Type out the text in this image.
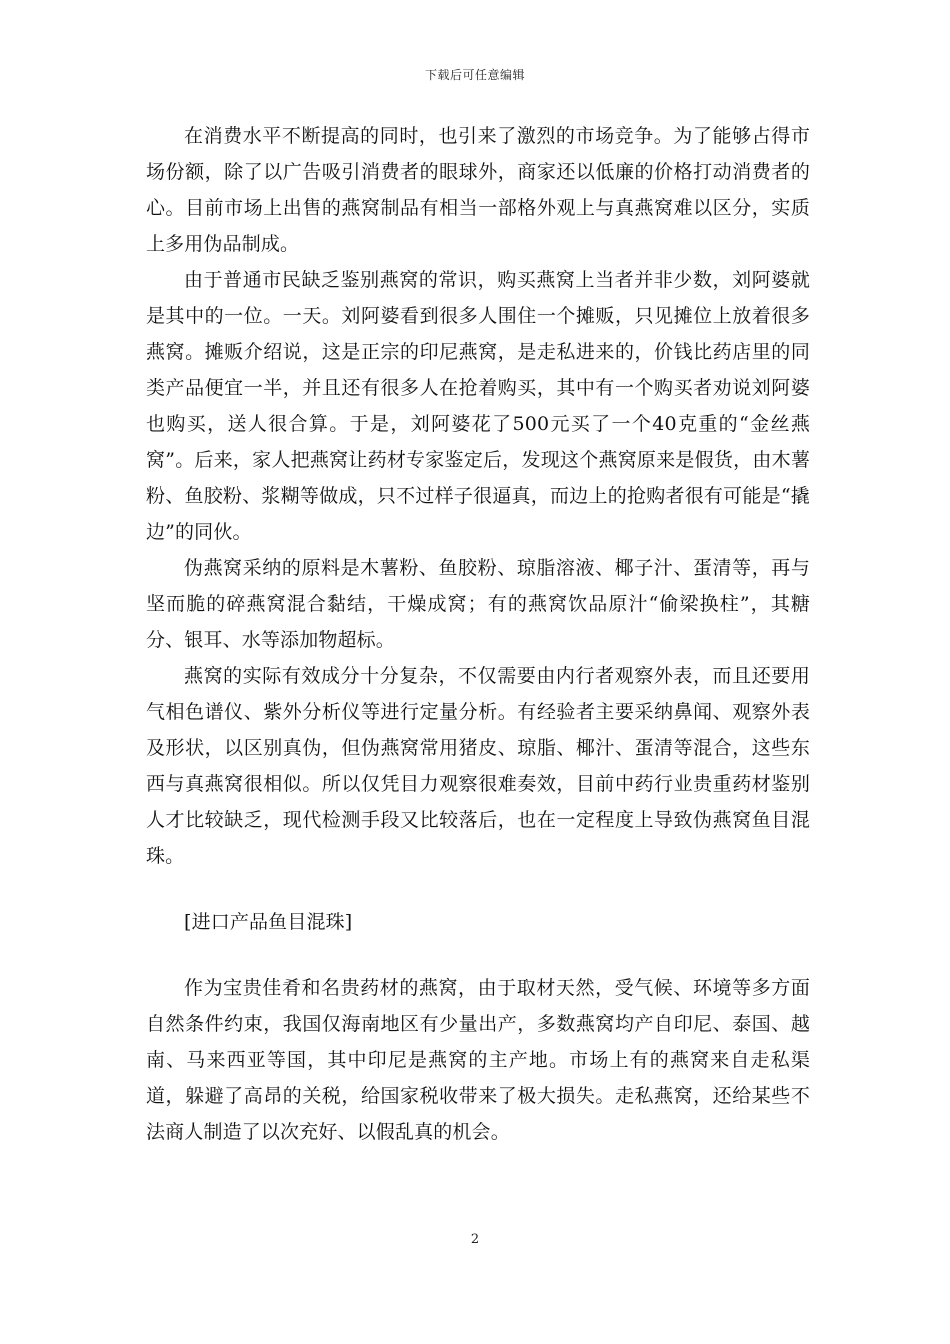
下载后可任意编辑

在消费水平不断提高的同时，也引来了激烈的市场竞争。为了能够占得市场份额，除了以广告吸引消费者的眼球外，商家还以低廉的价格打动消费者的心。目前市场上出售的燕窝制品有相当一部格外观上与真燕窝难以区分，实质上多用伪品制成。

由于普通市民缺乏鉴别燕窝的常识，购买燕窝上当者并非少数，刘阿婆就是其中的一位。一天。刘阿婆看到很多人围住一个摊贩，只见摊位上放着很多燕窝。摊贩介绍说，这是正宗的印尼燕窝，是走私进来的，价钱比药店里的同类产品便宜一半，并且还有很多人在抢着购买，其中有一个购买者劝说刘阿婆也购买，送人很合算。于是，刘阿婆花了500元买了一个40克重的“金丝燕窝”。后来，家人把燕窝让药材专家鉴定后，发现这个燕窝原来是假货，由木薯粉、鱼胶粉、浆糊等做成，只不过样子很逼真，而边上的抢购者很有可能是“撬边”的同伙。

伪燕窝采纳的原料是木薯粉、鱼胶粉、琼脂溶液、椰子汁、蛋清等，再与坚而脆的碎燕窝混合黏结，干燥成窝；有的燕窝饮品原汁“偷梁换柱”，其糖分、银耳、水等添加物超标。

燕窝的实际有效成分十分复杂，不仅需要由内行者观察外表，而且还要用气相色谱仪、紫外分析仪等进行定量分析。有经验者主要采纳鼻闻、观察外表及形状，以区别真伪，但伪燕窝常用猪皮、琼脂、椰汁、蛋清等混合，这些东西与真燕窝很相似。所以仅凭目力观察很难奏效，目前中药行业贵重药材鉴别人才比较缺乏，现代检测手段又比较落后，也在一定程度上导致伪燕窝鱼目混珠。

[进口产品鱼目混珠]

作为宝贵佳肴和名贵药材的燕窝，由于取材天然，受气候、环境等多方面自然条件约束，我国仅海南地区有少量出产，多数燕窝均产自印尼、泰国、越南、马来西亚等国，其中印尼是燕窝的主产地。市场上有的燕窝来自走私渠道，躲避了高昂的关税，给国家税收带来了极大损失。走私燕窝，还给某些不法商人制造了以次充好、以假乱真的机会。

2
